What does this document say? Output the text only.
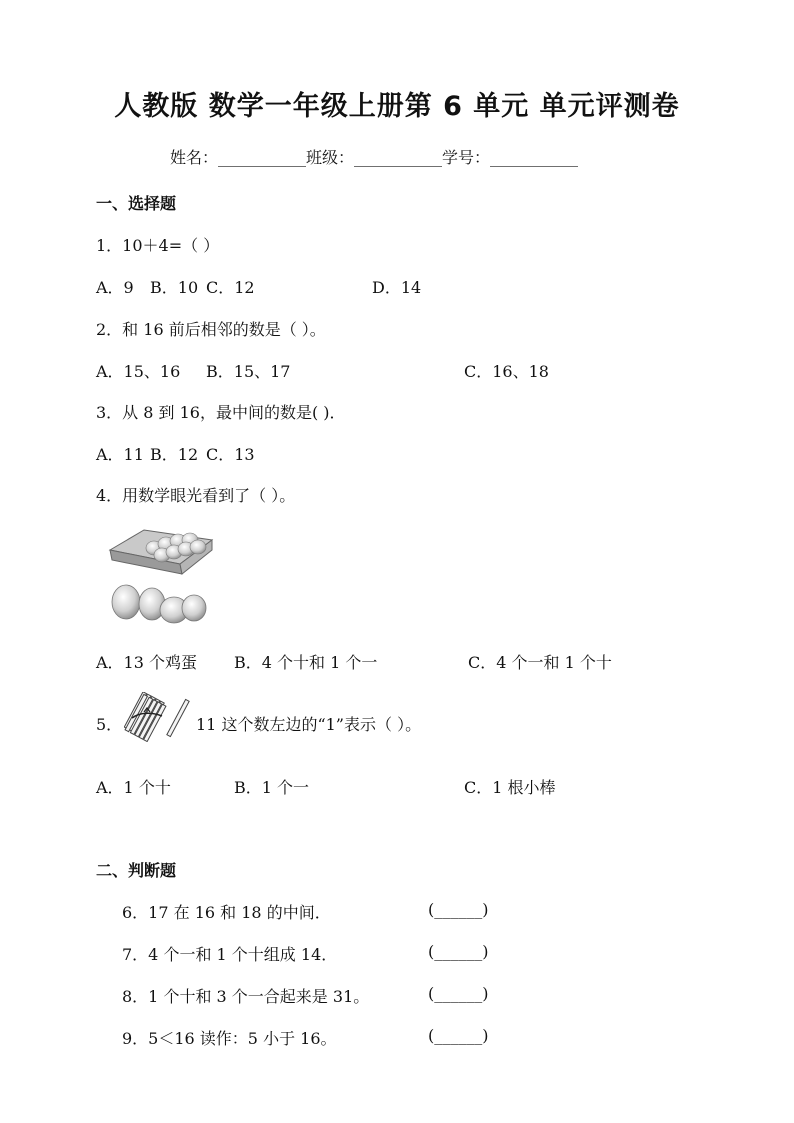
人教版 数学一年级上册第 6 单元 单元评测卷
姓名：___________班级：___________学号：___________
一、选择题
1．10＋4=（ ）
A．9 B．10 C．12	D．14
2．和 16 前后相邻的数是（ ）。
A．15、16 B．15、17	C．16、18
3．从 8 到 16，最中间的数是( )．
A．11 B．12 C．13
4．用数学眼光看到了（ ）。
A．13 个鸡蛋 B．4 个十和 1 个一	C．4 个一和 1 个十
5．	11 这个数左边的“1”表示（ ）。
A．1 个十	B．1 个一	C．1 根小棒
二、判断题
6．17 在 16 和 18 的中间．	(______)
7．4 个一和 1 个十组成 14．	(______)
8．1 个十和 3 个一合起来是 31。	(______)
9．5＜16 读作：5 小于 16。	(______)
